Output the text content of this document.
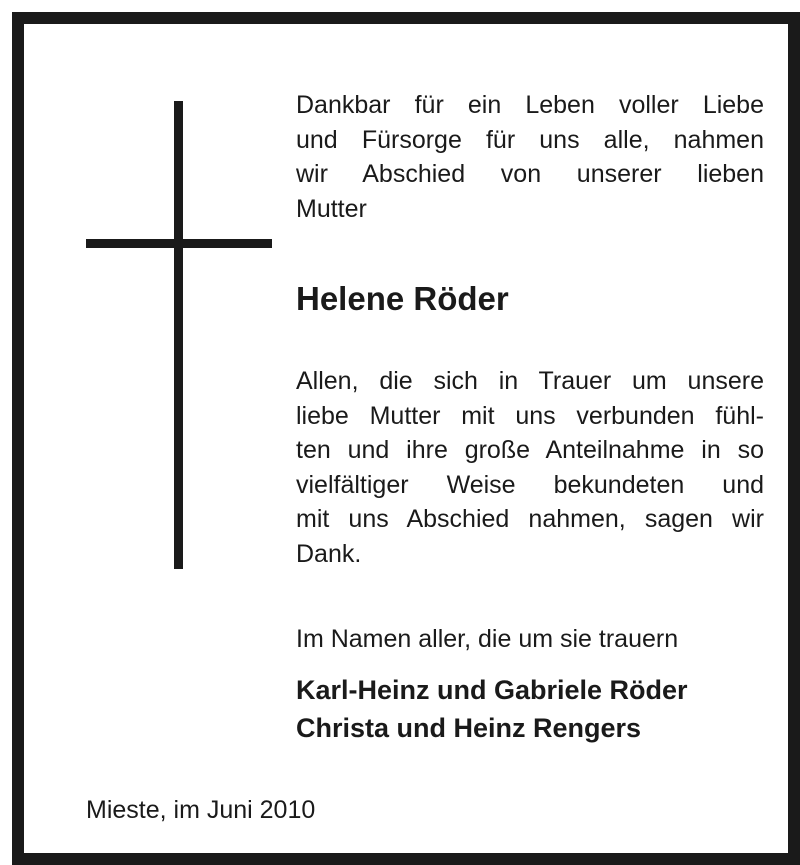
Dankbar für ein Leben voller Liebe
und Fürsorge für uns alle, nahmen
wir Abschied von unserer lieben
Mutter

Helene Röder

Allen, die sich in Trauer um unsere
liebe Mutter mit uns verbunden fühl-
ten und ihre große Anteilnahme in so
vielfältiger Weise bekundeten und
mit uns Abschied nahmen, sagen wir
Dank.

Im Namen aller, die um sie trauern

Karl-Heinz und Gabriele Röder
Christa und Heinz Rengers

Mieste, im Juni 2010
